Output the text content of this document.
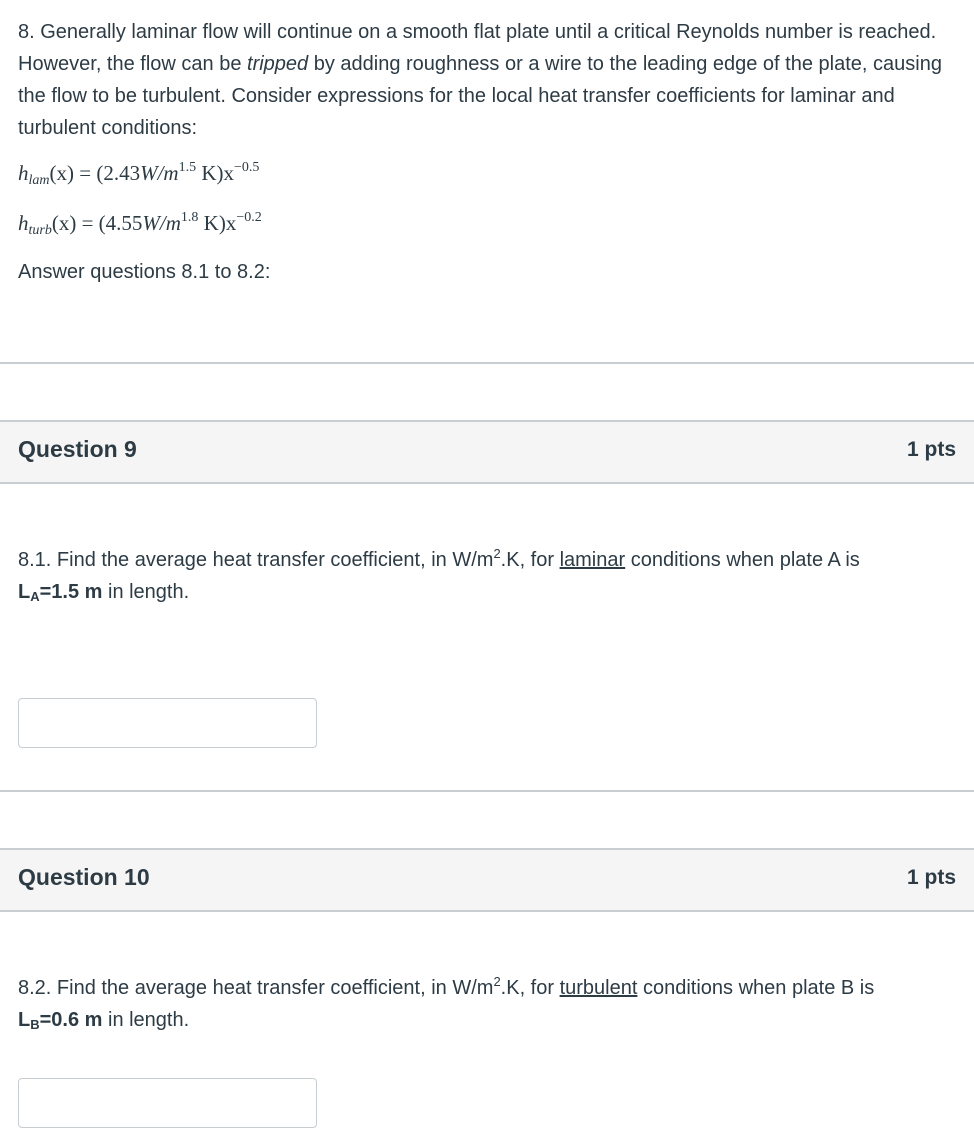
8. Generally laminar flow will continue on a smooth flat plate until a critical Reynolds number is reached. However, the flow can be tripped by adding roughness or a wire to the leading edge of the plate, causing the flow to be turbulent. Consider expressions for the local heat transfer coefficients for laminar and turbulent conditions:

$h_{lam}(x) = (2.43W/m^{1.5}$ $K)x^{-0.5}$
$h_{turb}(x) = (4.55W/m^{1.8}$ $K)x^{-0.2}$
Answer questions 8.1 to 8.2:
Question 9	1 pts
8.1. Find the average heat transfer coefficient, in $W/m^2.K$, for laminar conditions when plate A is
LA=1.5 m in length.
Question 10	1 pts
8.2. Find the average heat transfer coefficient, in $W/m^2.K$, for turbulent conditions when plate B is
LB=0.6 m in length.
